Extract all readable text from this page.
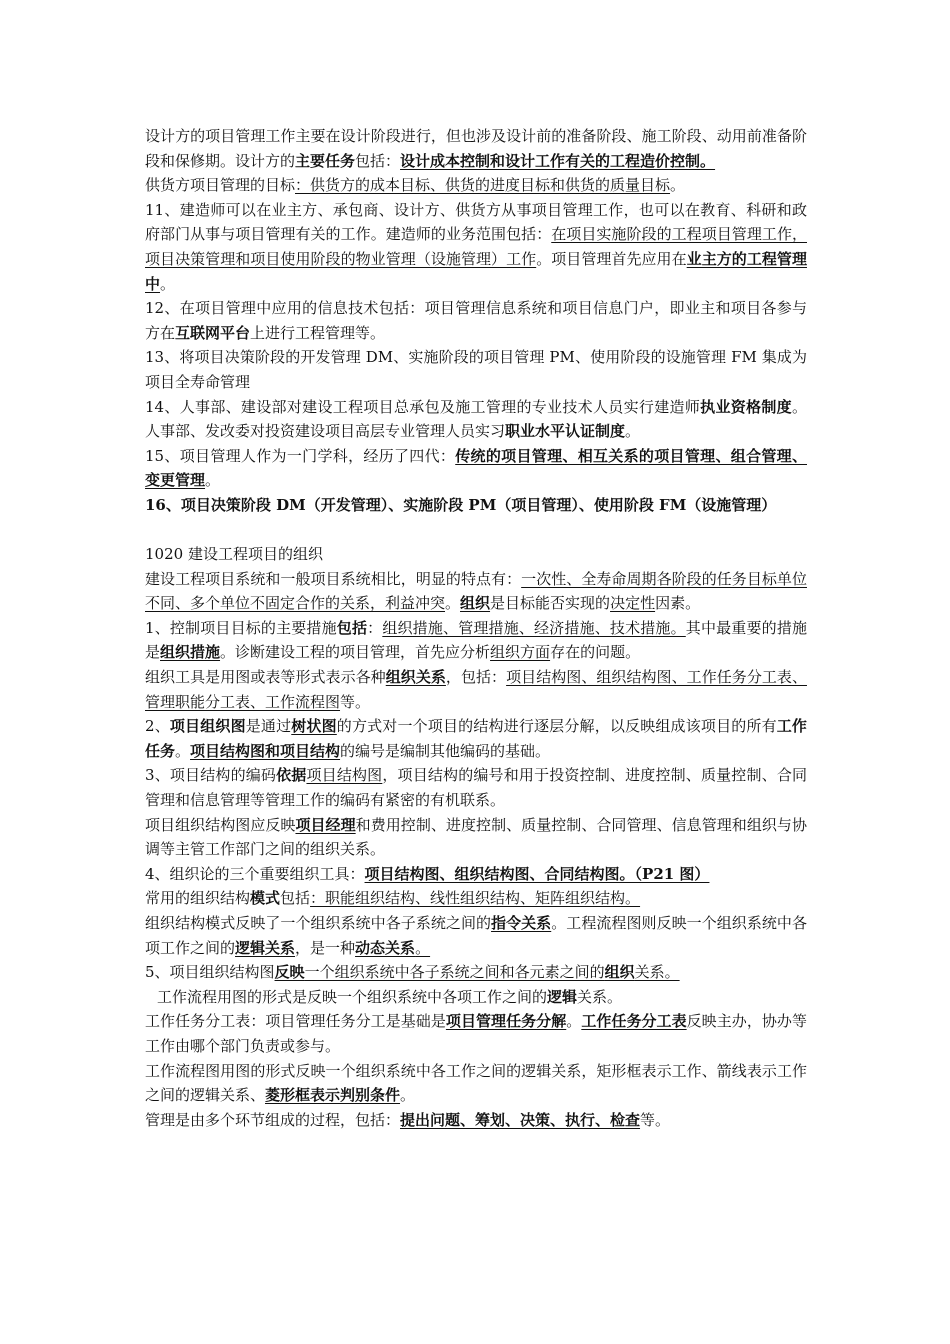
设计方的项目管理工作主要在设计阶段进行，但也涉及设计前的准备阶段、施工阶段、动用前准备阶段和保修期。设计方的主要任务包括：设计成本控制和设计工作有关的工程造价控制。
供货方项目管理的目标：供货方的成本目标、供货的进度目标和供货的质量目标。
11、建造师可以在业主方、承包商、设计方、供货方从事项目管理工作，也可以在教育、科研和政府部门从事与项目管理有关的工作。建造师的业务范围包括：在项目实施阶段的工程项目管理工作，项目决策管理和项目使用阶段的物业管理（设施管理）工作。项目管理首先应用在业主方的工程管理中。
12、在项目管理中应用的信息技术包括：项目管理信息系统和项目信息门户，即业主和项目各参与方在互联网平台上进行工程管理等。
13、将项目决策阶段的开发管理 DM、实施阶段的项目管理 PM、使用阶段的设施管理 FM 集成为项目全寿命管理
14、人事部、建设部对建设工程项目总承包及施工管理的专业技术人员实行建造师执业资格制度。人事部、发改委对投资建设项目高层专业管理人员实习职业水平认证制度。
15、项目管理人作为一门学科，经历了四代：传统的项目管理、相互关系的项目管理、组合管理、变更管理。
16、项目决策阶段 DM（开发管理）、实施阶段 PM（项目管理）、使用阶段 FM（设施管理）
1020 建设工程项目的组织
建设工程项目系统和一般项目系统相比，明显的特点有：一次性、全寿命周期各阶段的任务目标单位不同、多个单位不固定合作的关系，利益冲突。组织是目标能否实现的决定性因素。
1、控制项目目标的主要措施包括：组织措施、管理措施、经济措施、技术措施。其中最重要的措施是组织措施。诊断建设工程的项目管理，首先应分析组织方面存在的问题。
组织工具是用图或表等形式表示各种组织关系，包括：项目结构图、组织结构图、工作任务分工表、管理职能分工表、工作流程图等。
2、项目组织图是通过树状图的方式对一个项目的结构进行逐层分解，以反映组成该项目的所有工作任务。项目结构图和项目结构的编号是编制其他编码的基础。
3、项目结构的编码依据项目结构图，项目结构的编号和用于投资控制、进度控制、质量控制、合同管理和信息管理等管理工作的编码有紧密的有机联系。
项目组织结构图应反映项目经理和费用控制、进度控制、质量控制、合同管理、信息管理和组织与协调等主管工作部门之间的组织关系。
4、组织论的三个重要组织工具：项目结构图、组织结构图、合同结构图。（P21 图）
常用的组织结构模式包括：职能组织结构、线性组织结构、矩阵组织结构。
组织结构模式反映了一个组织系统中各子系统之间的指令关系。工程流程图则反映一个组织系统中各项工作之间的逻辑关系，是一种动态关系。
5、项目组织结构图反映一个组织系统中各子系统之间和各元素之间的组织关系。
工作流程用图的形式是反映一个组织系统中各项工作之间的逻辑关系。
工作任务分工表：项目管理任务分工是基础是项目管理任务分解。工作任务分工表反映主办，协办等工作由哪个部门负责或参与。
工作流程图用图的形式反映一个组织系统中各工作之间的逻辑关系，矩形框表示工作、箭线表示工作之间的逻辑关系、菱形框表示判别条件。
管理是由多个环节组成的过程，包括：提出问题、筹划、决策、执行、检查等。
